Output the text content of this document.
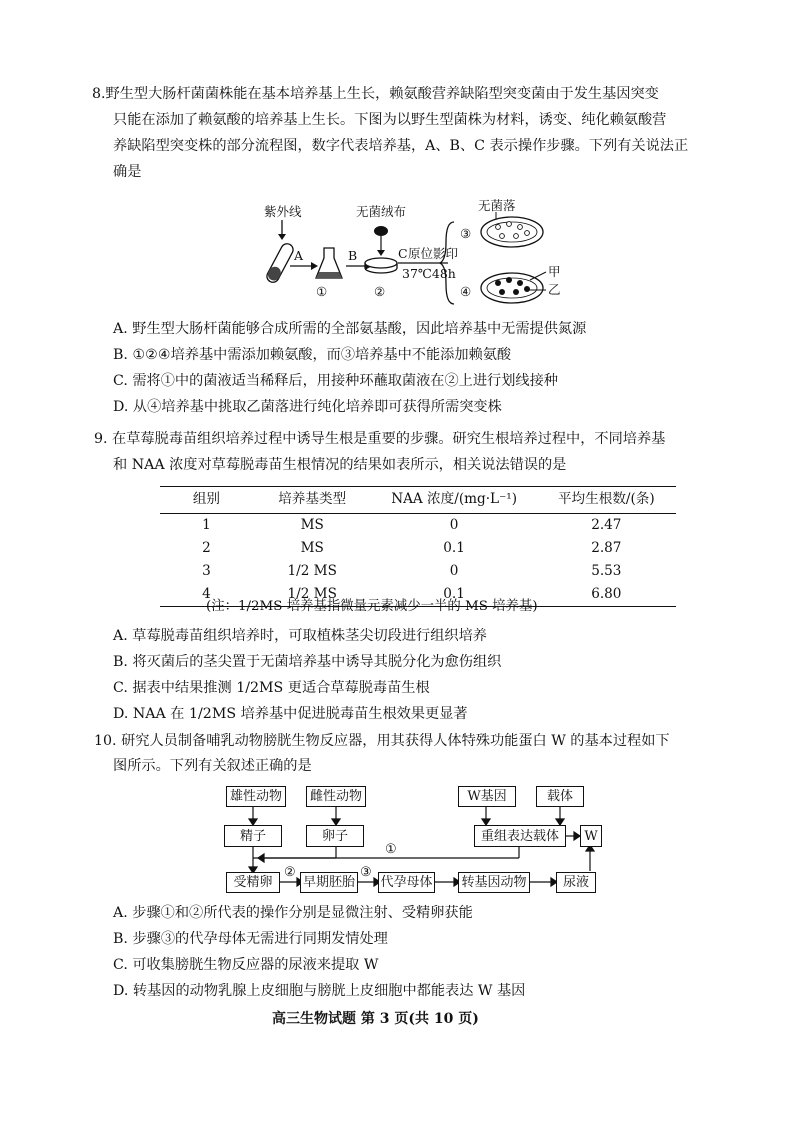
8.野生型大肠杆菌菌株能在基本培养基上生长，赖氨酸营养缺陷型突变菌由于发生基因突变
只能在添加了赖氨酸的培养基上生长。下图为以野生型菌株为材料，诱变、纯化赖氨酸营
养缺陷型突变株的部分流程图，数字代表培养基，A、B、C 表示操作步骤。下列有关说法正
确是
紫外线
A
①
B
无菌绒布
②
C 原位影印
37℃48h
无菌落
③
④
甲
乙
A. 野生型大肠杆菌能够合成所需的全部氨基酸，因此培养基中无需提供氮源
B. ①②④培养基中需添加赖氨酸，而③培养基中不能添加赖氨酸
C. 需将①中的菌液适当稀释后，用接种环蘸取菌液在②上进行划线接种
D. 从④培养基中挑取乙菌落进行纯化培养即可获得所需突变株
9. 在草莓脱毒苗组织培养过程中诱导生根是重要的步骤。研究生根培养过程中，不同培养基
和 NAA 浓度对草莓脱毒苗生根情况的结果如表所示，相关说法错误的是
组别	培养基类型	NAA 浓度/(mg·L⁻¹)	平均生根数/(条)
1	MS	0	2.47
2	MS	0.1	2.87
3	1/2 MS	0	5.53
4	1/2 MS	0.1	6.80
(注：1/2MS 培养基指微量元素减少一半的 MS 培养基)
A. 草莓脱毒苗组织培养时，可取植株茎尖切段进行组织培养
B. 将灭菌后的茎尖置于无菌培养基中诱导其脱分化为愈伤组织
C. 据表中结果推测 1/2MS 更适合草莓脱毒苗生根
D. NAA 在 1/2MS 培养基中促进脱毒苗生根效果更显著
10. 研究人员制备哺乳动物膀胱生物反应器，用其获得人体特殊功能蛋白 W 的基本过程如下
图所示。下列有关叙述正确的是
雄性动物	雌性动物	W基因	载体
精子	卵子	重组表达载体	W
受精卵	早期胚胎 代孕母体 转基因动物	尿液
①
②	③
A. 步骤①和②所代表的操作分别是显微注射、受精卵获能
B. 步骤③的代孕母体无需进行同期发情处理
C. 可收集膀胱生物反应器的尿液来提取 W
D. 转基因的动物乳腺上皮细胞与膀胱上皮细胞中都能表达 W 基因
高三生物试题 第 3 页(共 10 页)
